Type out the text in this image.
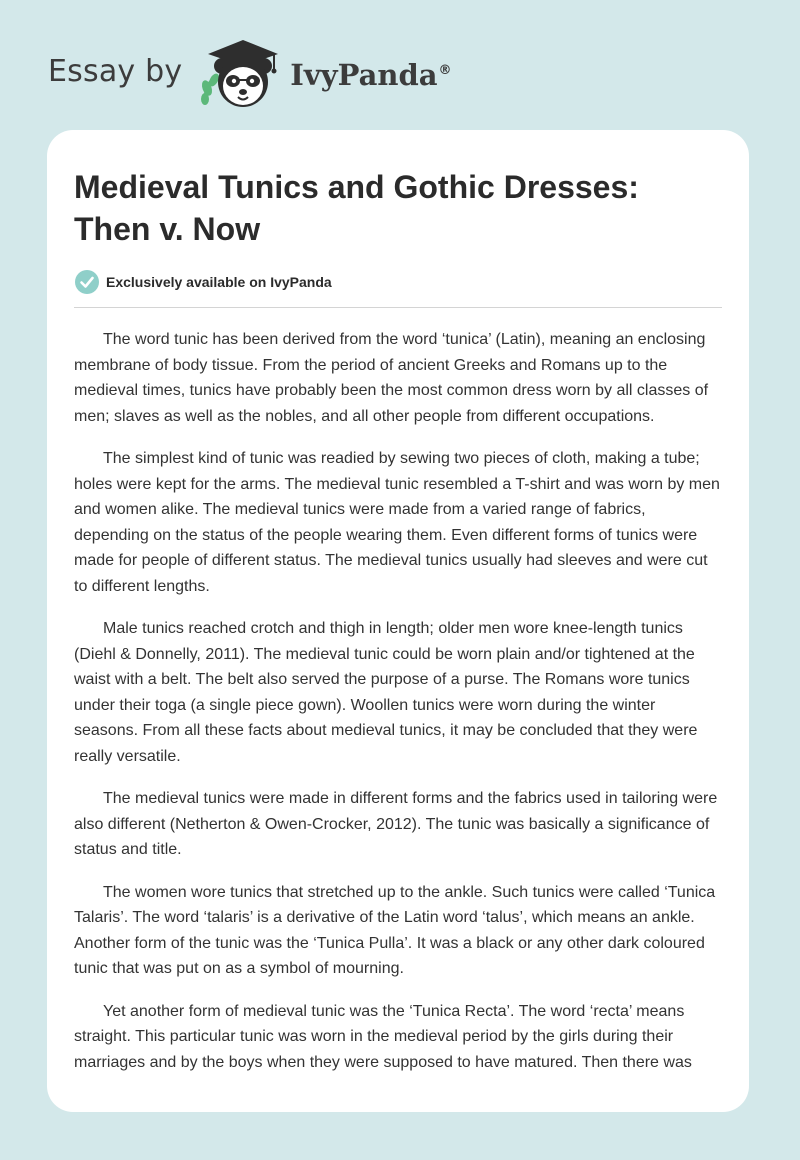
Essay by	IvyPanda®
Medieval Tunics and Gothic Dresses: Then v. Now
Exclusively available on IvyPanda

The word tunic has been derived from the word ‘tunica’ (Latin), meaning an enclosing membrane of body tissue. From the period of ancient Greeks and Romans up to the medieval times, tunics have probably been the most common dress worn by all classes of men; slaves as well as the nobles, and all other people from different occupations.

The simplest kind of tunic was readied by sewing two pieces of cloth, making a tube; holes were kept for the arms. The medieval tunic resembled a T-shirt and was worn by men and women alike. The medieval tunics were made from a varied range of fabrics, depending on the status of the people wearing them. Even different forms of tunics were made for people of different status. The medieval tunics usually had sleeves and were cut to different lengths.

Male tunics reached crotch and thigh in length; older men wore knee-length tunics (Diehl & Donnelly, 2011). The medieval tunic could be worn plain and/or tightened at the waist with a belt. The belt also served the purpose of a purse. The Romans wore tunics under their toga (a single piece gown). Woollen tunics were worn during the winter seasons. From all these facts about medieval tunics, it may be concluded that they were really versatile.

The medieval tunics were made in different forms and the fabrics used in tailoring were also different (Netherton & Owen-Crocker, 2012). The tunic was basically a significance of status and title.

The women wore tunics that stretched up to the ankle. Such tunics were called ‘Tunica Talaris’. The word ‘talaris’ is a derivative of the Latin word ‘talus’, which means an ankle. Another form of the tunic was the ‘Tunica Pulla’. It was a black or any other dark coloured tunic that was put on as a symbol of mourning.

Yet another form of medieval tunic was the ‘Tunica Recta’. The word ‘recta’ means straight. This particular tunic was worn in the medieval period by the girls during their marriages and by the boys when they were supposed to have matured. Then there was
